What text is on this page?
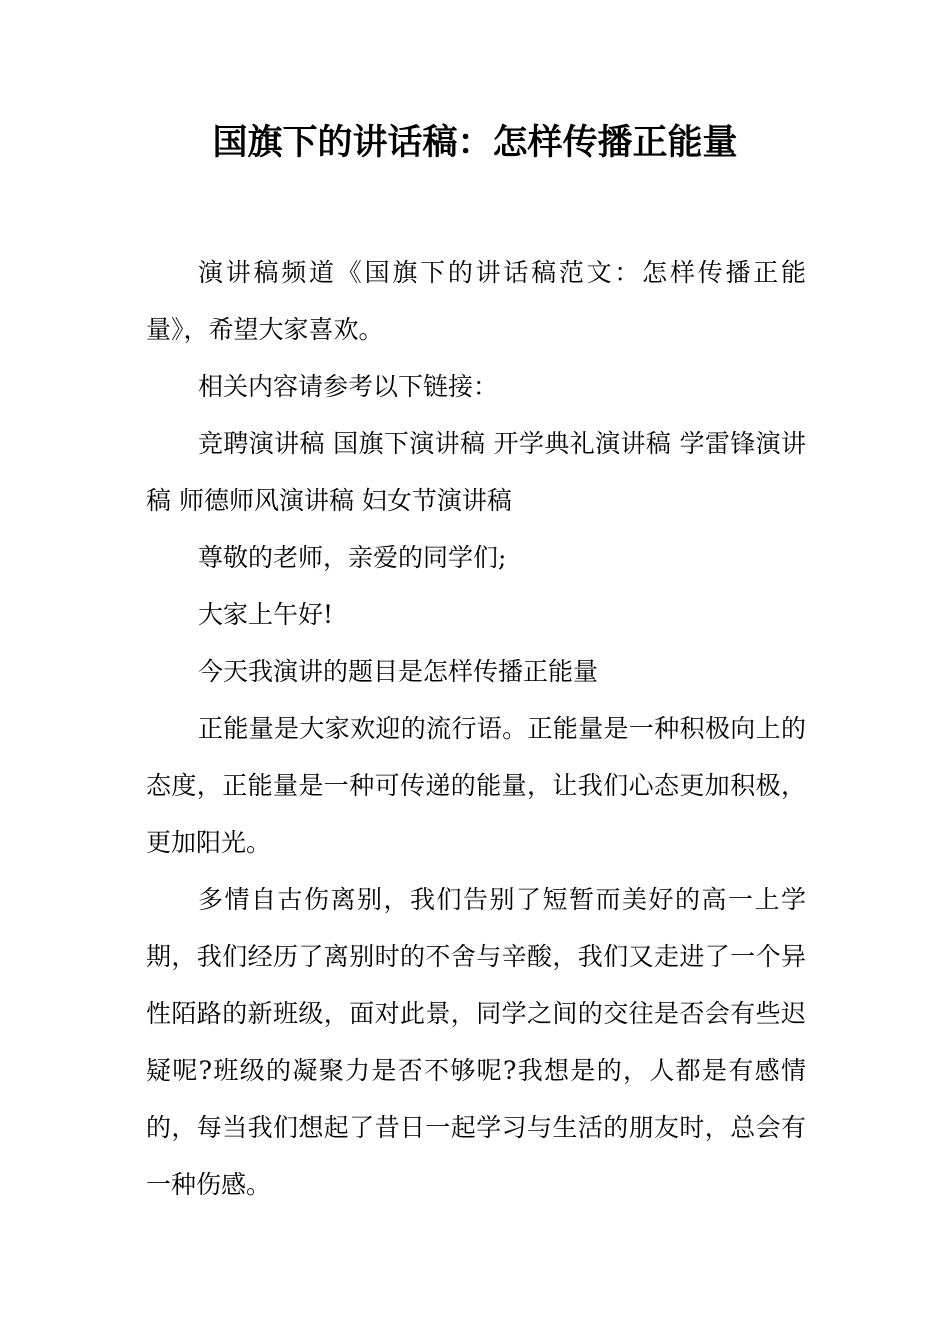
国旗下的讲话稿：怎样传播正能量

演讲稿频道《国旗下的讲话稿范文：怎样传播正能量》，希望大家喜欢。

相关内容请参考以下链接：

竞聘演讲稿 国旗下演讲稿 开学典礼演讲稿 学雷锋演讲稿 师德师风演讲稿 妇女节演讲稿

尊敬的老师，亲爱的同学们;

大家上午好!

今天我演讲的题目是怎样传播正能量

正能量是大家欢迎的流行语。正能量是一种积极向上的态度，正能量是一种可传递的能量，让我们心态更加积极，更加阳光。

多情自古伤离别，我们告别了短暂而美好的高一上学期，我们经历了离别时的不舍与辛酸，我们又走进了一个异性陌路的新班级，面对此景，同学之间的交往是否会有些迟疑呢?班级的凝聚力是否不够呢?我想是的，人都是有感情的，每当我们想起了昔日一起学习与生活的朋友时，总会有一种伤感。
